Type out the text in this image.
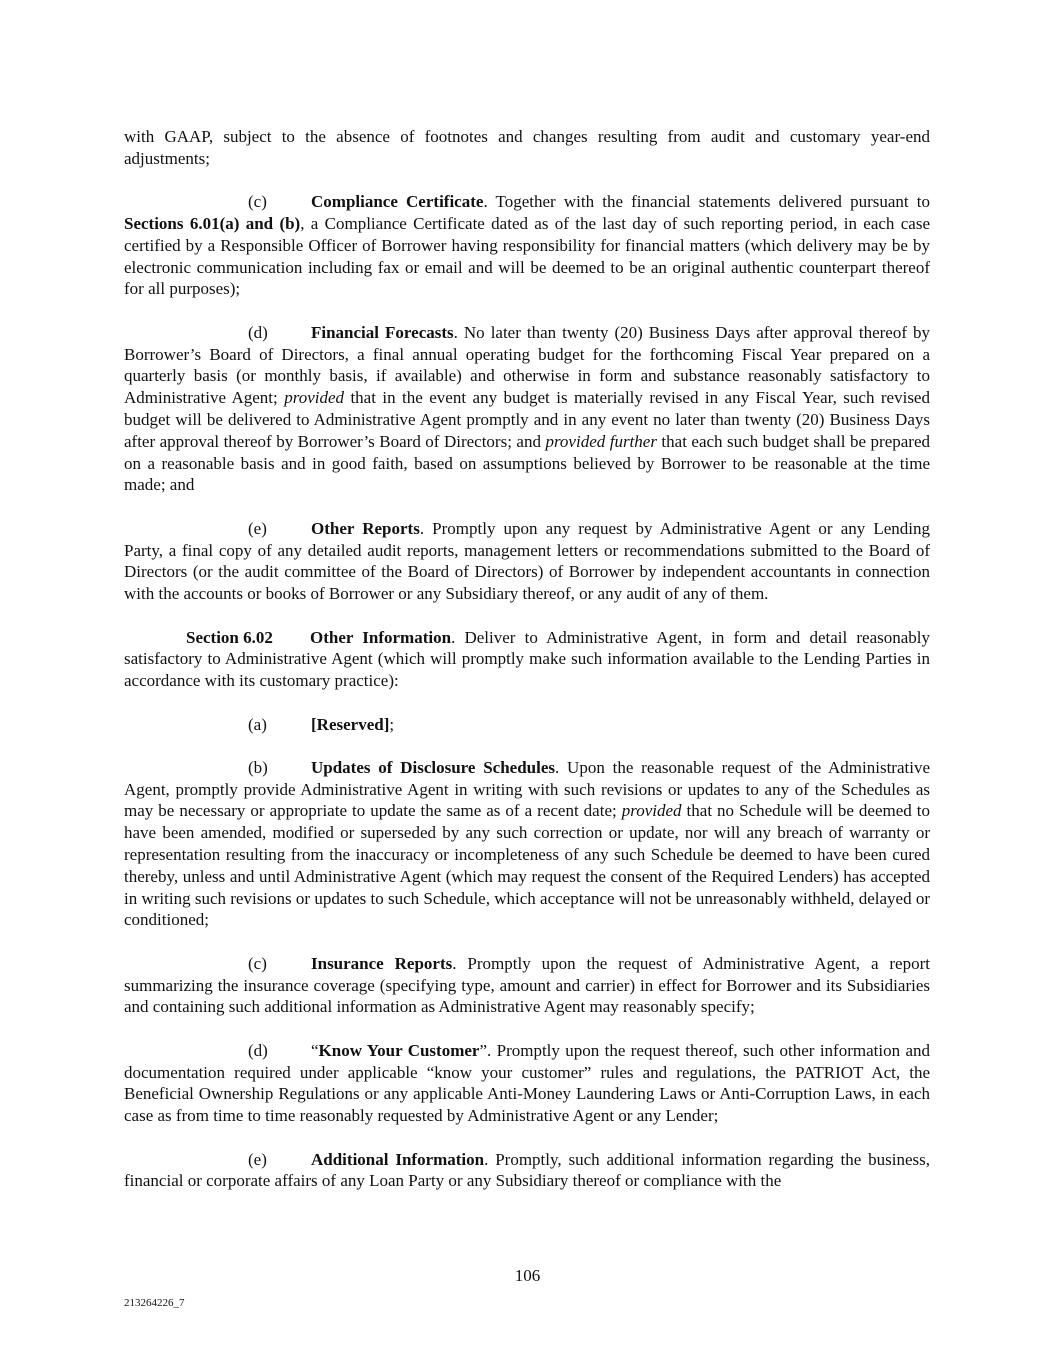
with GAAP, subject to the absence of footnotes and changes resulting from audit and customary year-end adjustments;

(c)	Compliance Certificate. Together with the financial statements delivered pursuant to Sections 6.01(a) and (b), a Compliance Certificate dated as of the last day of such reporting period, in each case certified by a Responsible Officer of Borrower having responsibility for financial matters (which delivery may be by electronic communication including fax or email and will be deemed to be an original authentic counterpart thereof for all purposes);

(d)	Financial Forecasts. No later than twenty (20) Business Days after approval thereof by Borrower’s Board of Directors, a final annual operating budget for the forthcoming Fiscal Year prepared on a quarterly basis (or monthly basis, if available) and otherwise in form and substance reasonably satisfactory to Administrative Agent; provided that in the event any budget is materially revised in any Fiscal Year, such revised budget will be delivered to Administrative Agent promptly and in any event no later than twenty (20) Business Days after approval thereof by Borrower’s Board of Directors; and provided further that each such budget shall be prepared on a reasonable basis and in good faith, based on assumptions believed by Borrower to be reasonable at the time made; and

(e)	Other Reports. Promptly upon any request by Administrative Agent or any Lending Party, a final copy of any detailed audit reports, management letters or recommendations submitted to the Board of Directors (or the audit committee of the Board of Directors) of Borrower by independent accountants in connection with the accounts or books of Borrower or any Subsidiary thereof, or any audit of any of them.

Section 6.02 Other Information. Deliver to Administrative Agent, in form and detail reasonably satisfactory to Administrative Agent (which will promptly make such information available to the Lending Parties in accordance with its customary practice):

(a)	[Reserved];

(b)	Updates of Disclosure Schedules. Upon the reasonable request of the Administrative Agent, promptly provide Administrative Agent in writing with such revisions or updates to any of the Schedules as may be necessary or appropriate to update the same as of a recent date; provided that no Schedule will be deemed to have been amended, modified or superseded by any such correction or update, nor will any breach of warranty or representation resulting from the inaccuracy or incompleteness of any such Schedule be deemed to have been cured thereby, unless and until Administrative Agent (which may request the consent of the Required Lenders) has accepted in writing such revisions or updates to such Schedule, which acceptance will not be unreasonably withheld, delayed or conditioned;

(c)	Insurance Reports. Promptly upon the request of Administrative Agent, a report summarizing the insurance coverage (specifying type, amount and carrier) in effect for Borrower and its Subsidiaries and containing such additional information as Administrative Agent may reasonably specify;

(d)	“Know Your Customer”. Promptly upon the request thereof, such other information and documentation required under applicable “know your customer” rules and regulations, the PATRIOT Act, the Beneficial Ownership Regulations or any applicable Anti-Money Laundering Laws or Anti-Corruption Laws, in each case as from time to time reasonably requested by Administrative Agent or any Lender;

(e)	Additional Information. Promptly, such additional information regarding the business, financial or corporate affairs of any Loan Party or any Subsidiary thereof or compliance with the

106
213264226_7
